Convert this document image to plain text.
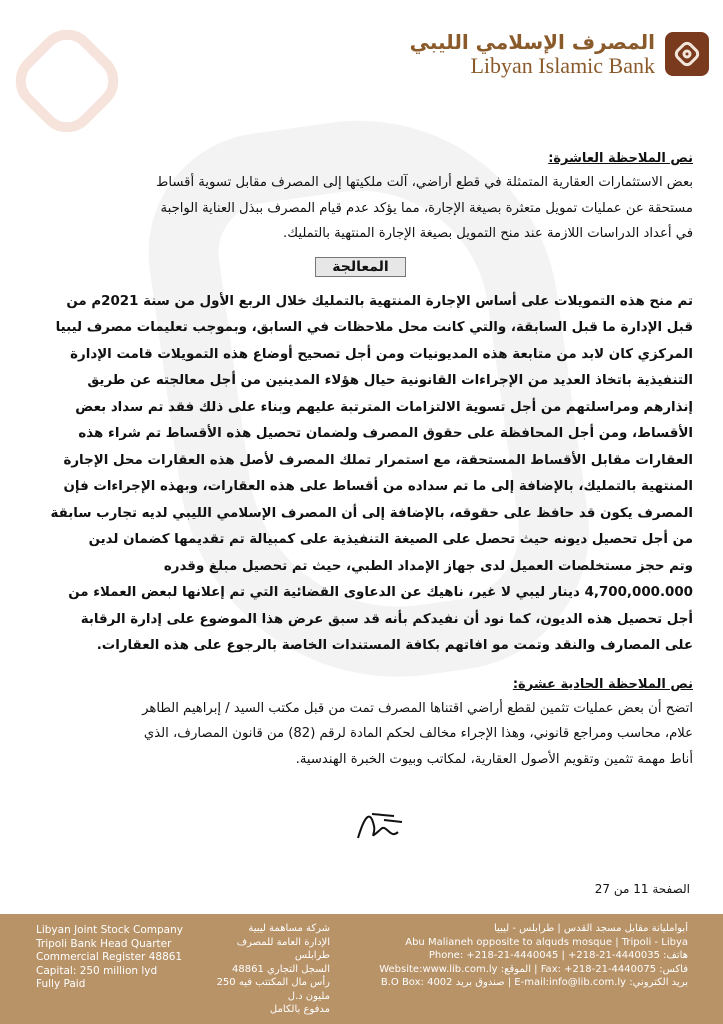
المصرف الإسلامي الليبي
Libyan Islamic Bank

نص الملاحظة العاشرة:

بعض الاستثمارات العقارية المتمثلة في قطع أراضي، آلت ملكيتها إلى المصرف مقابل تسوية أقساط

مستحقة عن عمليات تمويل متعثرة بصيغة الإجارة، مما يؤكد عدم قيام المصرف ببذل العناية الواجبة

في أعداد الدراسات اللازمة عند منح التمويل بصيغة الإجارة المنتهية بالتمليك.

المعالجة

تم منح هذه التمويلات على أساس الإجارة المنتهية بالتمليك خلال الربع الأول من سنة 2021م من

قبل الإدارة ما قبل السابقة، والتي كانت محل ملاحظات في السابق، وبموجب تعليمات مصرف ليبيا

المركزي كان لابد من متابعة هذه المديونيات ومن أجل تصحيح أوضاع هذه التمويلات قامت الإدارة

التنفيذية باتخاذ العديد من الإجراءات القانونية حيال هؤلاء المدينين من أجل معالجته عن طريق

إنذارهم ومراسلتهم من أجل تسوية الالتزامات المترتبة عليهم وبناء على ذلك فقد تم سداد بعض

الأقساط، ومن أجل المحافظة على حقوق المصرف ولضمان تحصيل هذه الأقساط تم شراء هذه

العقارات مقابل الأقساط المستحقة، مع استمرار تملك المصرف لأصل هذه العقارات محل الإجارة

المنتهية بالتمليك، بالإضافة إلى ما تم سداده من أقساط على هذه العقارات، وبهذه الإجراءات فإن

المصرف يكون قد حافظ على حقوقه، بالإضافة إلى أن المصرف الإسلامي الليبي لديه تجارب سابقة

من أجل تحصيل ديونه حيث تحصل على الصيغة التنفيذية على كمبيالة تم تقديمها كضمان لدين

وتم حجز مستخلصات العميل لدى جهاز الإمداد الطبي، حيث تم تحصيل مبلغ وقدره

4,700,000.000 دينار ليبي لا غير، ناهيك عن الدعاوى القضائية التي تم إعلانها لبعض العملاء من

أجل تحصيل هذه الديون، كما نود أن نفيدكم بأنه قد سبق عرض هذا الموضوع على إدارة الرقابة

على المصارف والنقد وتمت مو افاتهم بكافة المستندات الخاصة بالرجوع على هذه العقارات.

نص الملاحظة الحادية عشرة:

اتضح أن بعض عمليات تثمين لقطع أراضي اقتناها المصرف تمت من قبل مكتب السيد / إبراهيم الطاهر

علام، محاسب ومراجع قانوني، وهذا الإجراء مخالف لحكم المادة لرقم (82) من قانون المصارف، الذي

أناط مهمة تثمين وتقويم الأصول العقارية، لمكاتب وبيوت الخبرة الهندسية.

الصفحة 11 من 27
Libyan Joint Stock Company
Tripoli Bank Head Quarter
Commercial Register 48861
Capital: 250 million lyd
Fully Paid
شركة مساهمة ليبية
الإدارة العامة للمصرف طرابلس
السجل التجاري 48861
رأس مال المكتتب فيه 250 مليون د.ل
مدفوع بالكامل
أبوامليانة مقابل مسجد القدس | طرابلس - ليبيا
Abu Malianeh opposite to alquds mosque | Tripoli - Libya
Phone: +218-21-4440045 | +218-21-4440035 :هاتف
Website:www.lib.com.ly :الموقع | Fax: +218-21-4440075 :فاكس
B.O Box: 4002 صندوق بريد | E-mail:info@lib.com.ly :بريد الكتروني
